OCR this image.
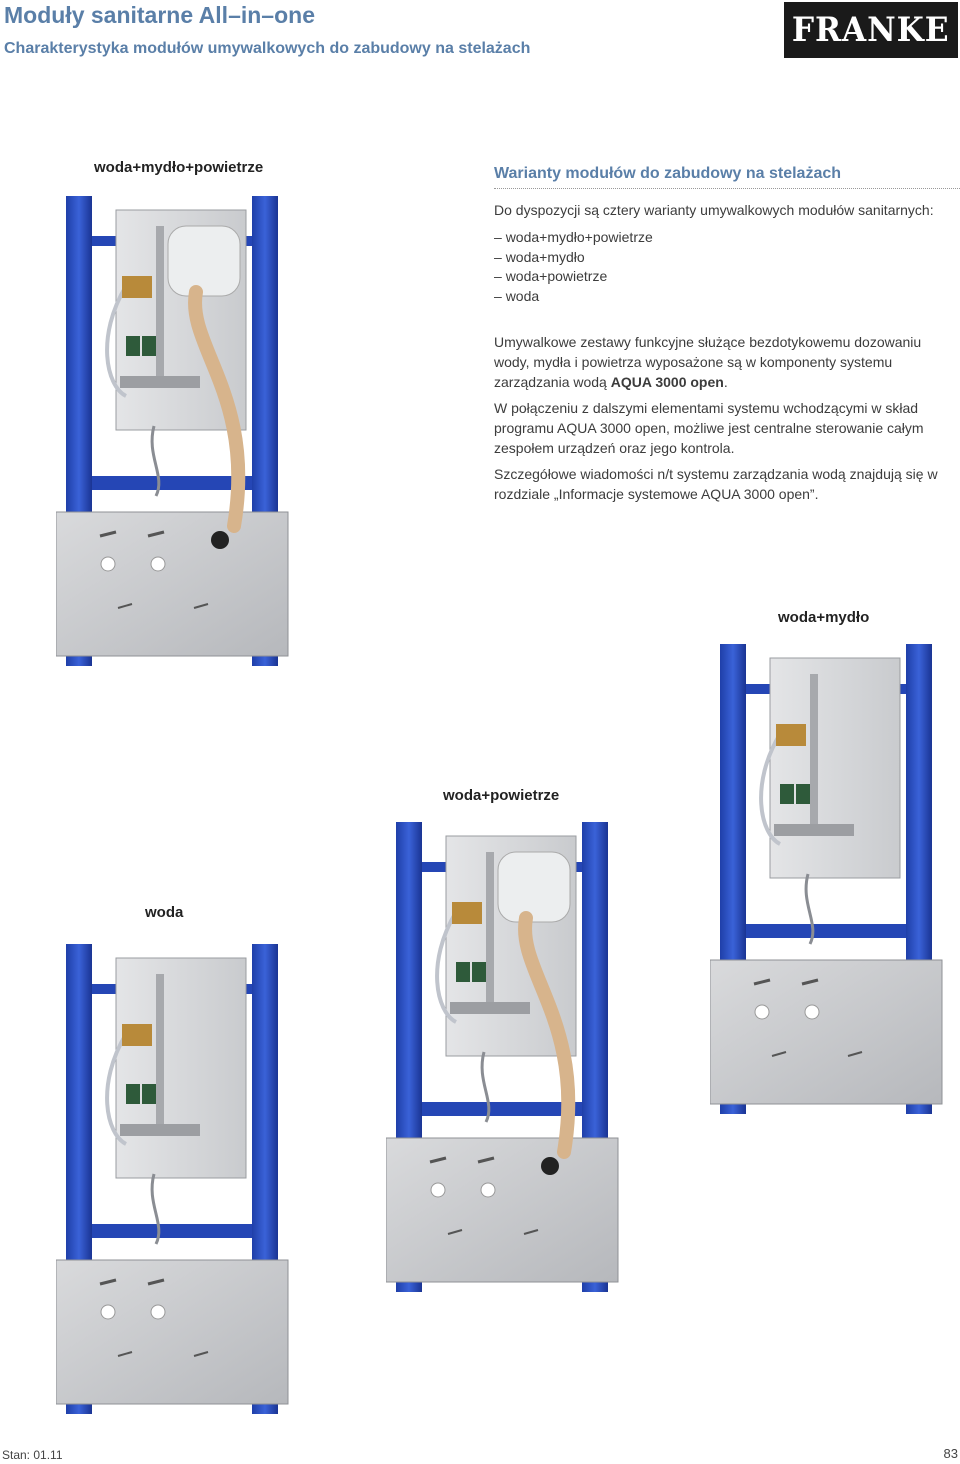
Moduły sanitarne All–in–one
Charakterystyka modułów umywalkowych do zabudowy na stelażach	FRANKE
woda+mydło+powietrze
woda+mydło
woda+powietrze
woda
Warianty modułów do zabudowy na stelażach

Do dyspozycji są cztery warianty umywalkowych modułów sanitarnych:

– woda+mydło+powietrze
– woda+mydło
– woda+powietrze
– woda

Umywalkowe zestawy funkcyjne służące bezdotykowemu dozowaniu wody, mydła i powietrza wyposażone są w komponenty systemu zarządzania wodą AQUA 3000 open.

W połączeniu z dalszymi elementami systemu wchodzącymi w skład programu AQUA 3000 open, możliwe jest centralne sterowanie całym zespołem urządzeń oraz jego kontrola.

Szczegółowe wiadomości n/t systemu zarządzania wodą znajdują się w rozdziale „Informacje systemowe AQUA 3000 open”.

Stan: 01.11	83
